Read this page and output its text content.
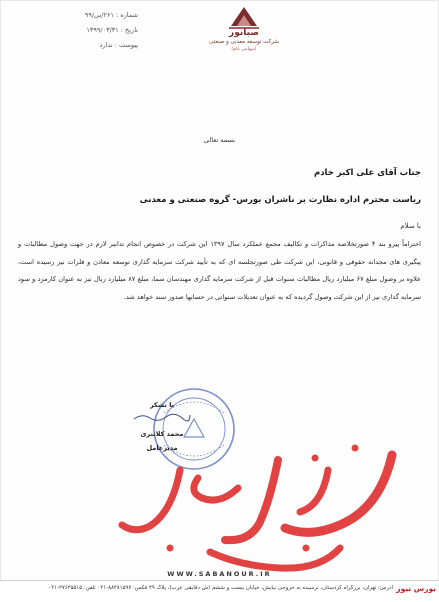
شماره : ۲۶۱/بی/۹۹
تاریخ : ۱۳۹۹/۰۳/۳۱
پیوست : ندارد
صبانور
شرکت توسعه معدنی و صنعتی
(سهامی عام)
بسمه تعالی
جناب آقای علی اکبر خادم
ریاست محترم اداره نظارت بر ناشران بورس- گروه صنعتی و معدنی
با سلام
احتراماً پیرو بند ۴ صورتخلاصه مذاکرات و تکالیف مجمع عملکرد سال ۱۳۹۷ این شرکت در خصوص انجام تدابیر لازم در جهت وصول مطالبات و پیگیری های مجدانه حقوقی و قانونی، این شرکت طی صورتجلسه ای که به تأیید شرکت سرمایه گذاری توسعه معادن و فلزات نیز رسیده است، علاوه بر وصول مبلغ ۶۷ میلیارد ریال مطالبات سنوات قبل از شرکت سرمایه گذاری مهندسان سما، مبلغ ۸۷ میلیارد ریال نیز به عنوان کارمزد و سود سرمایه گذاری نیز از این شرکت وصول گردیده که به عنوان تعدیلات سنواتی در حسابها صدور سند خواهد شد.
با تشکر
محمد کلانتری
مدیرعامل
WWW.SABANOUR.IR
آدرس: تهران، بزرگراه کردستان، نرسیده به خروجی نیایش، خیابان بیست و ششم (ش دقایقی عرب)، پلاک ۴۹ فکس: ۸۸۴۸۱۵۹۷-۰۲۱ تلفن: ۲۷۶۴۵۵۱۵-۰۲۱ بورس نیوز
